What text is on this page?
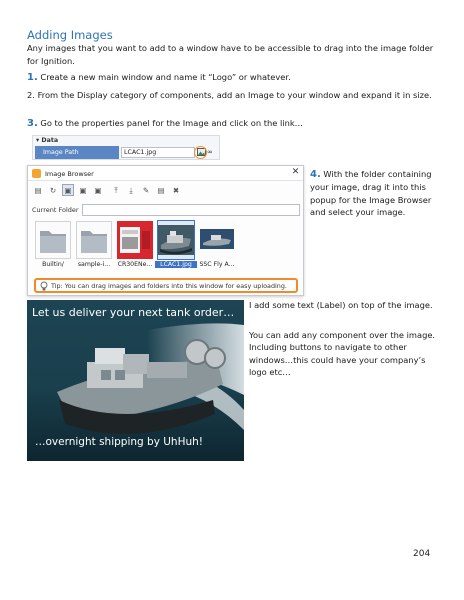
Adding Images
Any images that you want to add to a window have to be accessible to drag into the image folder for Ignition.
1. Create a new main window and name it “Logo” or whatever.
2. From the Display category of components, add an Image to your window and expand it in size.
3. Go to the properties panel for the Image and click on the link…
▾ Data
Image Path	LCAC1.jpg	∞
Image Browser	✕
▤	↻	▣	▣	▣	⤒	⤓	✎	▤	✖
Current Folder
Builtin/	sample-i...	CR30ENe...	LCAC1.jpg	SSC Fly A...
Tip: You can drag images and folders into this window for easy uploading.
4. With the folder containing your image, drag it into this popup for the Image Browser and select your image.
Let us deliver your next tank order…
…overnight shipping by UhHuh!
I add some text (Label) on top of the image.
You can add any component over the image. Including buttons to navigate to other windows…this could have your company’s logo etc…
204
